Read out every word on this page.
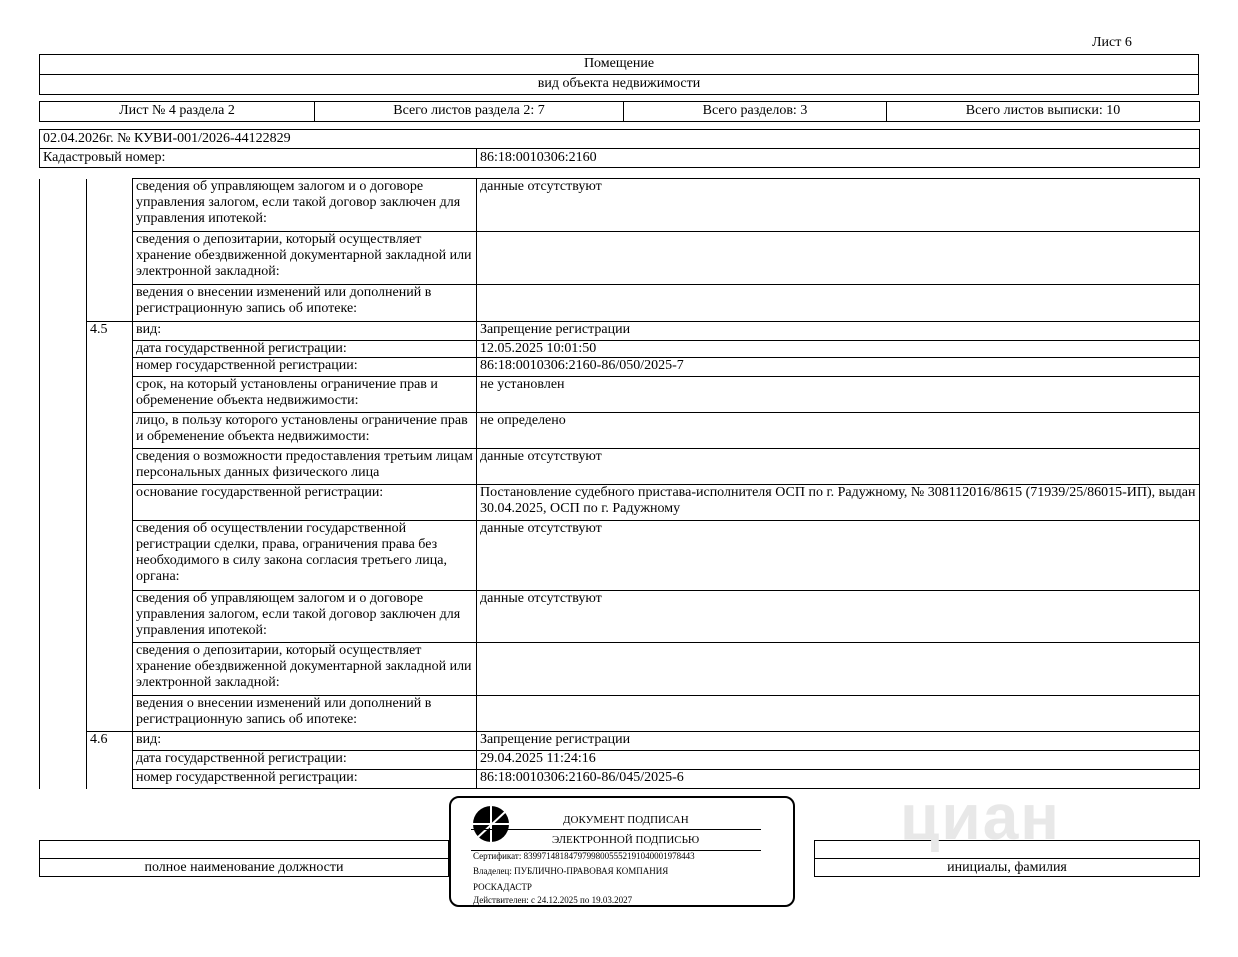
Лист 6
Помещение
вид объекта недвижимости
Лист № 4 раздела 2	Всего листов раздела 2: 7	Всего разделов: 3	Всего листов выписки: 10
02.04.2026г. № КУВИ-001/2026-44122829
Кадастровый номер:	86:18:0010306:2160
		сведения об управляющем залогом и о договоре управления залогом, если такой договор заключен для управления ипотекой:	данные отсутствуют
		сведения о депозитарии, который осуществляет хранение обездвиженной документарной закладной или электронной закладной:	
		ведения о внесении изменений или дополнений в регистрационную запись об ипотеке:	
	4.5	вид:	Запрещение регистрации
		дата государственной регистрации:	12.05.2025 10:01:50
		номер государственной регистрации:	86:18:0010306:2160-86/050/2025-7
		срок, на который установлены ограничение прав и обременение объекта недвижимости:	не установлен
		лицо, в пользу которого установлены ограничение прав и обременение объекта недвижимости:	не определено
		сведения о возможности предоставления третьим лицам персональных данных физического лица	данные отсутствуют
		основание государственной регистрации:	Постановление судебного пристава-исполнителя ОСП по г. Радужному, № 308112016/8615 (71939/25/86015-ИП), выдан 30.04.2025, ОСП по г. Радужному
		сведения об осуществлении государственной регистрации сделки, права, ограничения права без необходимого в силу закона согласия третьего лица, органа:	данные отсутствуют
		сведения об управляющем залогом и о договоре управления залогом, если такой договор заключен для управления ипотекой:	данные отсутствуют
		сведения о депозитарии, который осуществляет хранение обездвиженной документарной закладной или электронной закладной:	
		ведения о внесении изменений или дополнений в регистрационную запись об ипотеке:	
	4.6	вид:	Запрещение регистрации
		дата государственной регистрации:	29.04.2025 11:24:16
		номер государственной регистрации:	86:18:0010306:2160-86/045/2025-6

полное наименование должности		инициалы, фамилия
циан
ДОКУМЕНТ ПОДПИСАН
ЭЛЕКТРОННОЙ ПОДПИСЬЮ
Сертификат: 83997148184797998005552191040001978443
Владелец: ПУБЛИЧНО-ПРАВОВАЯ КОМПАНИЯ
РОСКАДАСТР
Действителен: с 24.12.2025 по 19.03.2027
